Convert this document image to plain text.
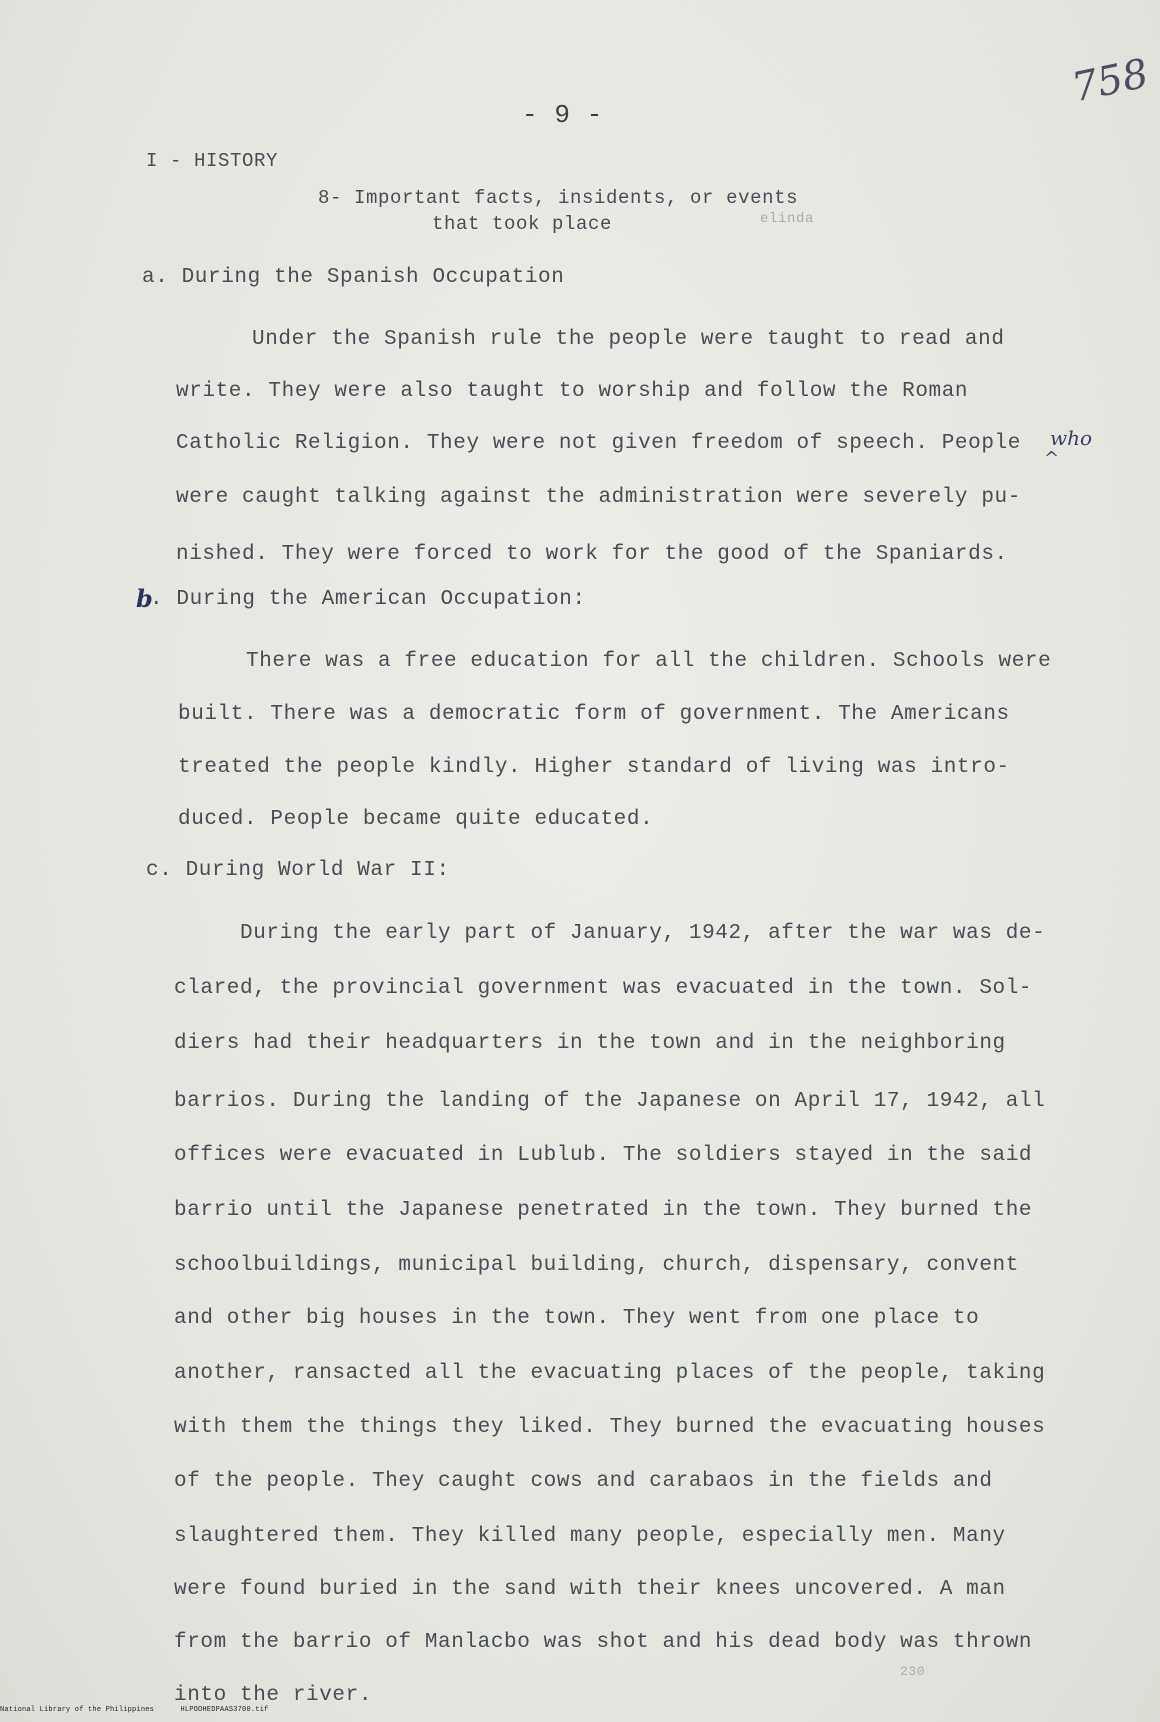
758
- 9 -
I - HISTORY
8- Important facts, insidents, or events
that took place	elinda
a. During the Spanish Occupation
Under the Spanish rule the people were taught to read and
write. They were also taught to worship and follow the Roman
Catholic Religion. They were not given freedom of speech. People
were caught talking against the administration were severely pu-
nished. They were forced to work for the good of the Spaniards.
^
who
b
. During the American Occupation:
There was a free education for all the children. Schools were
built. There was a democratic form of government. The Americans
treated the people kindly. Higher standard of living was intro-
duced. People became quite educated.
c. During World War II:
During the early part of January, 1942, after the war was de-
clared, the provincial government was evacuated in the town. Sol-
diers had their headquarters in the town and in the neighboring
barrios. During the landing of the Japanese on April 17, 1942, all
offices were evacuated in Lublub. The soldiers stayed in the said
barrio until the Japanese penetrated in the town. They burned the
schoolbuildings, municipal building, church, dispensary, convent
and other big houses in the town. They went from one place to
another, ransacted all the evacuating places of the people, taking
with them the things they liked. They burned the evacuating houses
of the people. They caught cows and carabaos in the fields and
slaughtered them. They killed many people, especially men. Many
were found buried in the sand with their knees uncovered. A man
from the barrio of Manlacbo was shot and his dead body was thrown
into the river.
230
National Library of the Philippines	HLPOOHEDPAAS3700.tif
